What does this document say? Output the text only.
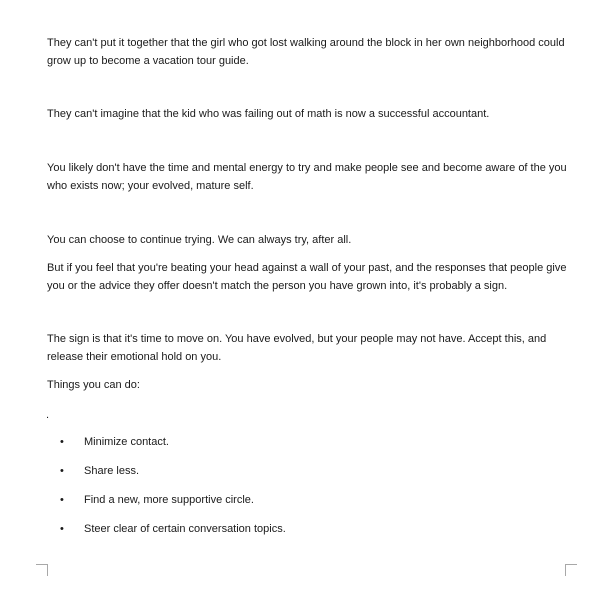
They can't put it together that the girl who got lost walking around the block in her own neighborhood could grow up to become a vacation tour guide.

They can't imagine that the kid who was failing out of math is now a successful accountant.

You likely don't have the time and mental energy to try and make people see and become aware of the you who exists now; your evolved, mature self.

You can choose to continue trying. We can always try, after all.

But if you feel that you're beating your head against a wall of your past, and the responses that people give you or the advice they offer doesn't match the person you have grown into, it's probably a sign.

The sign is that it's time to move on. You have evolved, but your people may not have. Accept this, and release their emotional hold on you.

Things you can do:

.

•	Minimize contact.
•	Share less.
•	Find a new, more supportive circle.
•	Steer clear of certain conversation topics.
